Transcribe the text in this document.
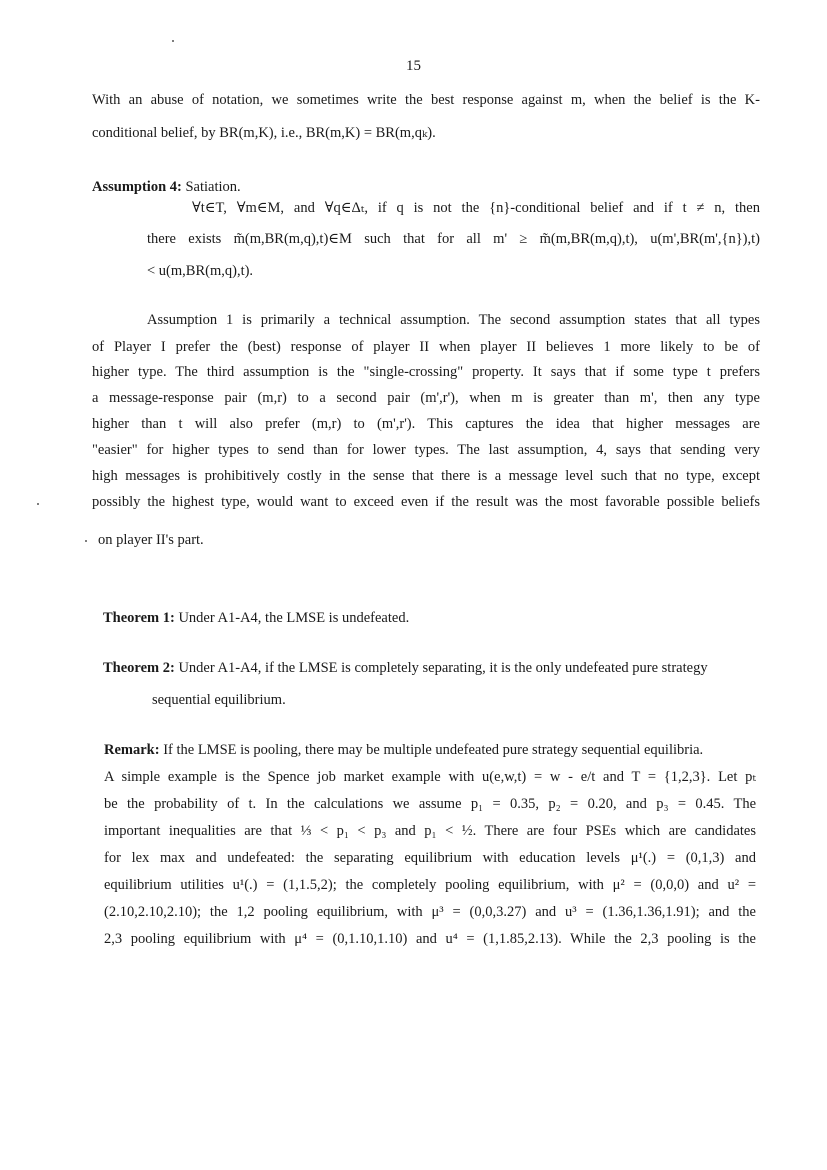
15
With an abuse of notation, we sometimes write the best response against m, when the belief is the K-
conditional belief, by BR(m,K), i.e., BR(m,K) = BR(m,qₖ).
Assumption 4: Satiation.
∀t∈T, ∀m∈M, and ∀q∈Δₜ, if q is not the {n}-conditional belief and if t ≠ n, then
there exists m̃(m,BR(m,q),t)∈M such that for all m' ≥ m̃(m,BR(m,q),t), u(m',BR(m',{n}),t)
< u(m,BR(m,q),t).
Assumption 1 is primarily a technical assumption. The second assumption states that all types
of Player I prefer the (best) response of player II when player II believes 1 more likely to be of
higher type. The third assumption is the "single-crossing" property. It says that if some type t prefers
a message-response pair (m,r) to a second pair (m',r'), when m is greater than m', then any type
higher than t will also prefer (m,r) to (m',r'). This captures the idea that higher messages are
"easier" for higher types to send than for lower types. The last assumption, 4, says that sending very
high messages is prohibitively costly in the sense that there is a message level such that no type, except
possibly the highest type, would want to exceed even if the result was the most favorable possible beliefs
on player II's part.
Theorem 1: Under A1-A4, the LMSE is undefeated.
Theorem 2: Under A1-A4, if the LMSE is completely separating, it is the only undefeated pure strategy
sequential equilibrium.
Remark: If the LMSE is pooling, there may be multiple undefeated pure strategy sequential equilibria.
A simple example is the Spence job market example with u(e,w,t) = w - e/t and T = {1,2,3}. Let pₜ
be the probability of t. In the calculations we assume p₁ = 0.35, p₂ = 0.20, and p₃ = 0.45. The
important inequalities are that ⅓ < p₁ < p₃ and p₁ < ½. There are four PSEs which are candidates
for lex max and undefeated: the separating equilibrium with education levels μ¹(.) = (0,1,3) and
equilibrium utilities u¹(.) = (1,1.5,2); the completely pooling equilibrium, with μ² = (0,0,0) and u² =
(2.10,2.10,2.10); the 1,2 pooling equilibrium, with μ³ = (0,0,3.27) and u³ = (1.36,1.36,1.91); and the
2,3 pooling equilibrium with μ⁴ = (0,1.10,1.10) and u⁴ = (1,1.85,2.13). While the 2,3 pooling is the
